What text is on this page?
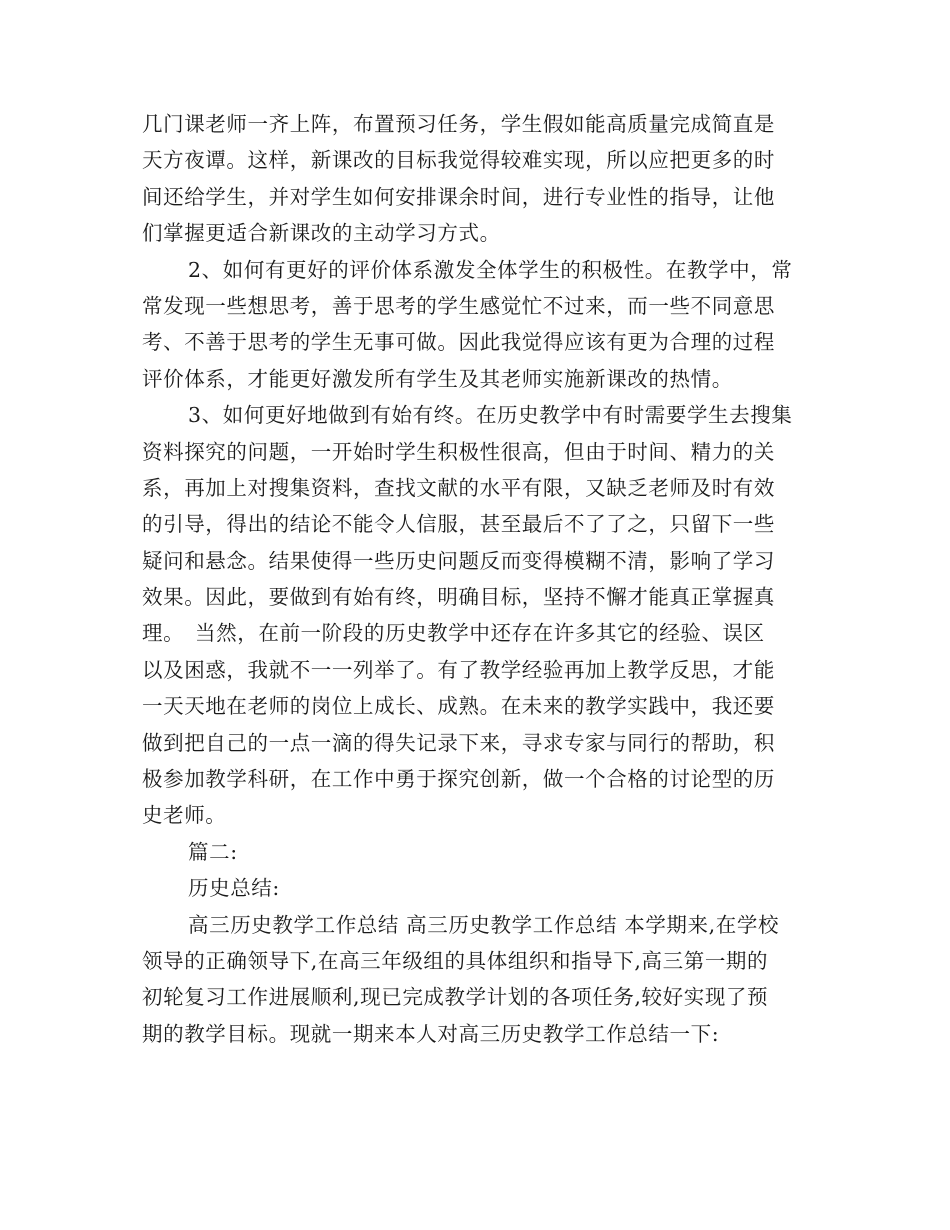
几门课老师一齐上阵，布置预习任务，学生假如能高质量完成简直是
天方夜谭。这样，新课改的目标我觉得较难实现，所以应把更多的时
间还给学生，并对学生如何安排课余时间，进行专业性的指导，让他
们掌握更适合新课改的主动学习方式。
2、如何有更好的评价体系激发全体学生的积极性。在教学中，常
常发现一些想思考，善于思考的学生感觉忙不过来，而一些不同意思
考、不善于思考的学生无事可做。因此我觉得应该有更为合理的过程
评价体系，才能更好激发所有学生及其老师实施新课改的热情。
3、如何更好地做到有始有终。在历史教学中有时需要学生去搜集
资料探究的问题，一开始时学生积极性很高，但由于时间、精力的关
系，再加上对搜集资料，查找文献的水平有限，又缺乏老师及时有效
的引导，得出的结论不能令人信服，甚至最后不了了之，只留下一些
疑问和悬念。结果使得一些历史问题反而变得模糊不清，影响了学习
效果。因此，要做到有始有终，明确目标，坚持不懈才能真正掌握真
理。　当然，在前一阶段的历史教学中还存在许多其它的经验、误区
以及困惑，我就不一一列举了。有了教学经验再加上教学反思，才能
一天天地在老师的岗位上成长、成熟。在未来的教学实践中，我还要
做到把自己的一点一滴的得失记录下来，寻求专家与同行的帮助，积
极参加教学科研，在工作中勇于探究创新，做一个合格的讨论型的历
史老师。
篇二:
历史总结:
高三历史教学工作总结 高三历史教学工作总结 本学期来,在学校
领导的正确领导下,在高三年级组的具体组织和指导下,高三第一期的
初轮复习工作进展顺利,现已完成教学计划的各项任务,较好实现了预
期的教学目标。现就一期来本人对高三历史教学工作总结一下:
